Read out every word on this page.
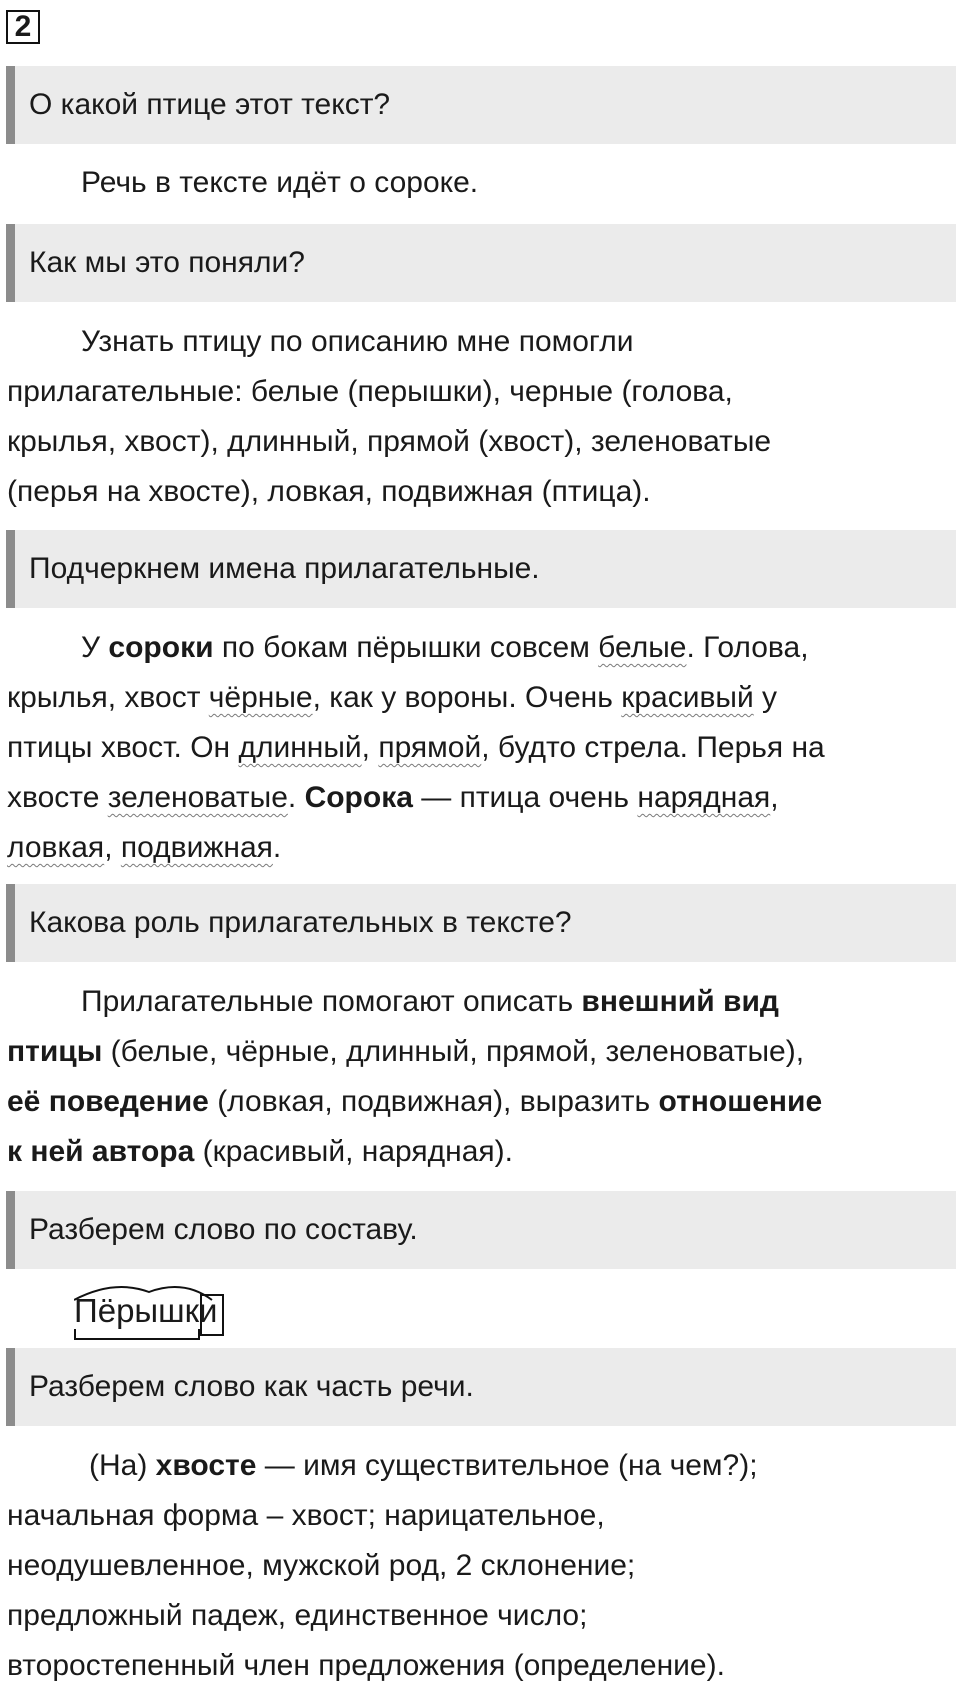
2
О какой птице этот текст?
Речь в тексте идёт о сороке.
Как мы это поняли?
Узнать птицу по описанию мне помогли
прилагательные: белые (перышки), черные (голова,
крылья, хвост), длинный, прямой (хвост), зеленоватые
(перья на хвосте), ловкая, подвижная (птица).
Подчеркнем имена прилагательные.
У сороки по бокам пёрышки совсем белые. Голова,
крылья, хвост чёрные, как у вороны. Очень красивый у
птицы хвост. Он длинный, прямой, будто стрела. Перья на
хвосте зеленоватые. Сорока — птица очень нарядная,
ловкая, подвижная.
Какова роль прилагательных в тексте?
Прилагательные помогают описать внешний вид
птицы (белые, чёрные, длинный, прямой, зеленоватые),
её поведение (ловкая, подвижная), выразить отношение
к ней автора (красивый, нарядная).
Разберем слово по составу.
Пёрышки
Разберем слово как часть речи.
(На) хвосте — имя существительное (на чем?);
начальная форма – хвост; нарицательное,
неодушевленное, мужской род, 2 склонение;
предложный падеж, единственное число;
второстепенный член предложения (определение).
